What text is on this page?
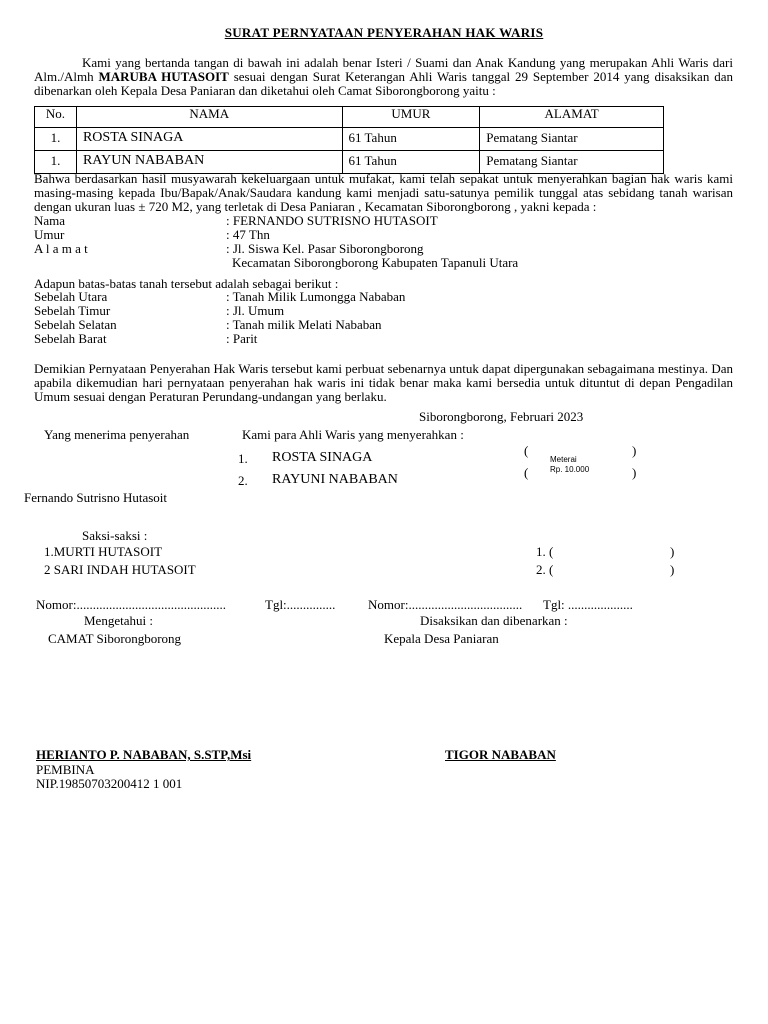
SURAT PERNYATAAN PENYERAHAN HAK WARIS
Kami yang bertanda tangan di bawah ini adalah benar Isteri / Suami dan Anak Kandung yang merupakan Ahli Waris dari Alm./Almh MARUBA HUTASOIT sesuai dengan Surat Keterangan Ahli Waris tanggal 29 September 2014 yang disaksikan dan dibenarkan oleh Kepala Desa Paniaran dan diketahui oleh Camat Siborongborong yaitu :
No.	NAMA	UMUR	ALAMAT
1.	ROSTA SINAGA	61 Tahun	Pematang Siantar
1.	RAYUN NABABAN	61 Tahun	Pematang Siantar
Bahwa berdasarkan hasil musyawarah kekeluargaan untuk mufakat, kami telah sepakat untuk menyerahkan bagian hak waris kami masing-masing kepada Ibu/Bapak/Anak/Saudara kandung kami menjadi satu-satunya pemilik tunggal atas sebidang tanah warisan dengan ukuran luas ± 720 M2, yang terletak di Desa Paniaran , Kecamatan Siborongborong , yakni kepada :
Nama	: FERNANDO SUTRISNO HUTASOIT
Umur	: 47 Thn
A l a m a t	: Jl. Siswa Kel. Pasar Siborongborong
Kecamatan Siborongborong Kabupaten Tapanuli Utara
Adapun batas-batas tanah tersebut adalah sebagai berikut :
Sebelah Utara	: Tanah Milik Lumongga Nababan
Sebelah Timur	: Jl. Umum
Sebelah Selatan	: Tanah milik Melati Nababan
Sebelah Barat	: Parit
Demikian Pernyataan Penyerahan Hak Waris tersebut kami perbuat sebenarnya untuk dapat dipergunakan sebagaimana mestinya. Dan apabila dikemudian hari pernyataan penyerahan hak waris ini tidak benar maka kami bersedia untuk dituntut di depan Pengadilan Umum sesuai dengan Peraturan Perundang-undangan yang berlaku.
Siborongborong, Februari 2023
Yang menerima penyerahan	Kami para Ahli Waris yang menyerahkan :
1. ROSTA SINAGA
2. RAYUNI NABABAN
(	)
(	)
Meterai
Rp. 10.000
Fernando Sutrisno Hutasoit
Saksi-saksi :
1.MURTI HUTASOIT	1. (	)
2 SARI INDAH HUTASOIT	2. (	)
Nomor:..............................................	Tgl:...............	Nomor:................................... Tgl: ....................
Mengetahui :
CAMAT Siborongborong
Disaksikan dan dibenarkan :
Kepala Desa Paniaran
HERIANTO P. NABABAN, S.STP,Msi
PEMBINA
NIP.19850703200412 1 001
TIGOR NABABAN
